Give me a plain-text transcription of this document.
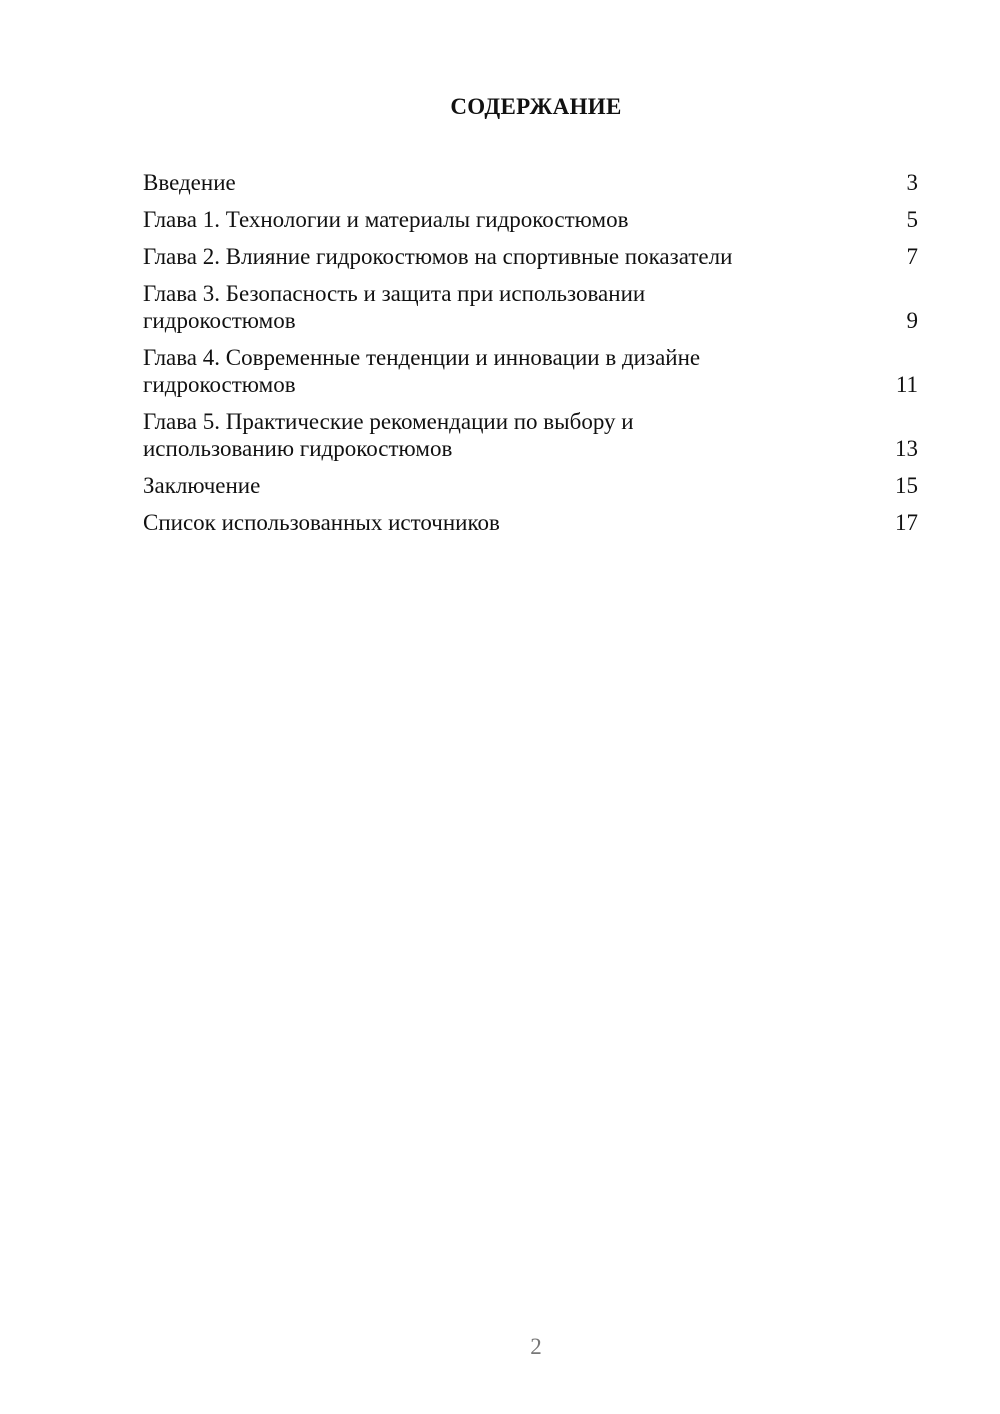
СОДЕРЖАНИЕ
Введение	3
Глава 1. Технологии и материалы гидрокостюмов	5
Глава 2. Влияние гидрокостюмов на спортивные показатели	7
Глава 3. Безопасность и защита при использовании
гидрокостюмов	9
Глава 4. Современные тенденции и инновации в дизайне
гидрокостюмов	11
Глава 5. Практические рекомендации по выбору и
использованию гидрокостюмов	13
Заключение	15
Список использованных источников	17
2
